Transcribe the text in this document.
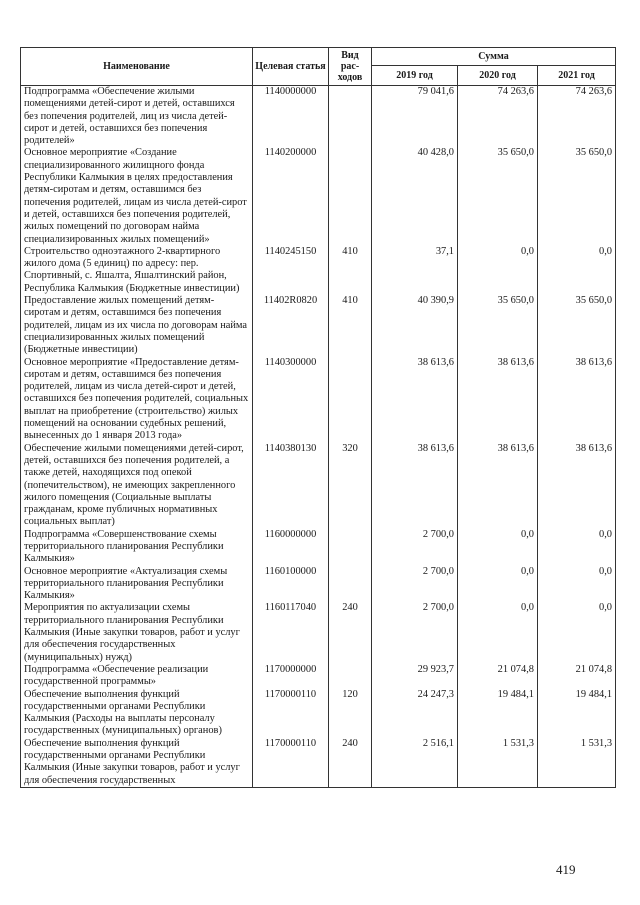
Наименование	Целевая статья	Вид рас-ходов	Сумма		
			2019 год	2020 год	2021 год
Подпрограмма «Обеспечение жилыми помещениями детей-сирот и детей, оставшихся без попечения родителей, лиц из числа детей-сирот и детей, оставшихся без попечения родителей»	1140000000		79 041,6	74 263,6	74 263,6
Основное мероприятие «Создание специализированного жилищного фонда Республики Калмыкия в целях предоставления детям-сиротам и детям, оставшимся без попечения родителей, лицам из числа детей-сирот и детей, оставшихся без попечения родителей, жилых помещений по договорам найма специализированных жилых помещений»	1140200000		40 428,0	35 650,0	35 650,0
Строительство одноэтажного 2-квартирного жилого дома (5 единиц) по адресу: пер. Спортивный, с. Яшалта, Яшалтинский район, Республика Калмыкия (Бюджетные инвестиции)	1140245150	410	37,1	0,0	0,0
Предоставление жилых помещений детям-сиротам и детям, оставшимся без попечения родителей, лицам из их числа по договорам найма специализированных жилых помещений (Бюджетные инвестиции)	11402R0820	410	40 390,9	35 650,0	35 650,0
Основное мероприятие «Предоставление детям-сиротам и детям, оставшимся без попечения родителей, лицам из числа детей-сирот и детей, оставшихся без попечения родителей, социальных выплат на приобретение (строительство) жилых помещений на основании судебных решений, вынесенных до 1 января 2013 года»	1140300000		38 613,6	38 613,6	38 613,6
Обеспечение жилыми помещениями детей-сирот, детей, оставшихся без попечения родителей, а также детей, находящихся под опекой (попечительством), не имеющих закрепленного жилого помещения (Социальные выплаты гражданам, кроме публичных нормативных социальных выплат)	1140380130	320	38 613,6	38 613,6	38 613,6
Подпрограмма «Совершенствование схемы территориального планирования Республики Калмыкия»	1160000000		2 700,0	0,0	0,0
Основное мероприятие «Актуализация схемы территориального планирования Республики Калмыкия»	1160100000		2 700,0	0,0	0,0
Мероприятия по актуализации схемы территориального планирования Республики Калмыкия (Иные закупки товаров, работ и услуг для обеспечения государственных (муниципальных) нужд)	1160117040	240	2 700,0	0,0	0,0
Подпрограмма «Обеспечение реализации государственной программы»	1170000000		29 923,7	21 074,8	21 074,8
Обеспечение выполнения функций государственными органами Республики Калмыкия (Расходы на выплаты персоналу государственных (муниципальных) органов)	1170000110	120	24 247,3	19 484,1	19 484,1
Обеспечение выполнения функций государственными органами Республики Калмыкия (Иные закупки товаров, работ и услуг для обеспечения государственных	1170000110	240	2 516,1	1 531,3	1 531,3
419
